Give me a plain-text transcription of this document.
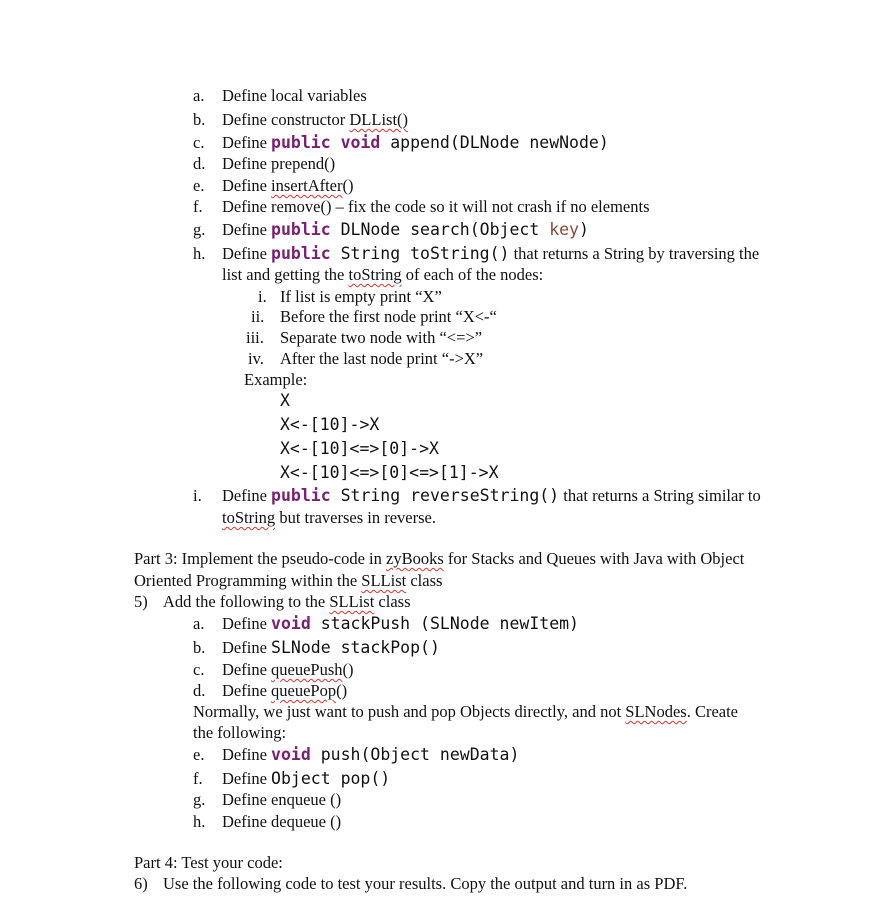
a. Define local variables
b. Define constructor DLList()
c. Define public void append(DLNode newNode)
d. Define prepend()
e. Define insertAfter()
f. Define remove() – fix the code so it will not crash if no elements
g. Define public DLNode search(Object key)
h. Define public String toString() that returns a String by traversing the
list and getting the toString of each of the nodes:
i. If list is empty print “X”
ii. Before the first node print “X<-“
iii. Separate two node with “<=>”
iv. After the last node print “->X”
Example:
X
X<-[10]->X
X<-[10]<=>[0]->X
X<-[10]<=>[0]<=>[1]->X
i. Define public String reverseString() that returns a String similar to
toString but traverses in reverse.
Part 3: Implement the pseudo-code in zyBooks for Stacks and Queues with Java with Object
Oriented Programming within the SLList class
5) Add the following to the SLList class
a. Define void stackPush (SLNode newItem)
b. Define SLNode stackPop()
c. Define queuePush()
d. Define queuePop()
Normally, we just want to push and pop Objects directly, and not SLNodes. Create
the following:
e. Define void push(Object newData)
f. Define Object pop()
g. Define enqueue ()
h. Define dequeue ()
Part 4: Test your code:
6) Use the following code to test your results. Copy the output and turn in as PDF.
